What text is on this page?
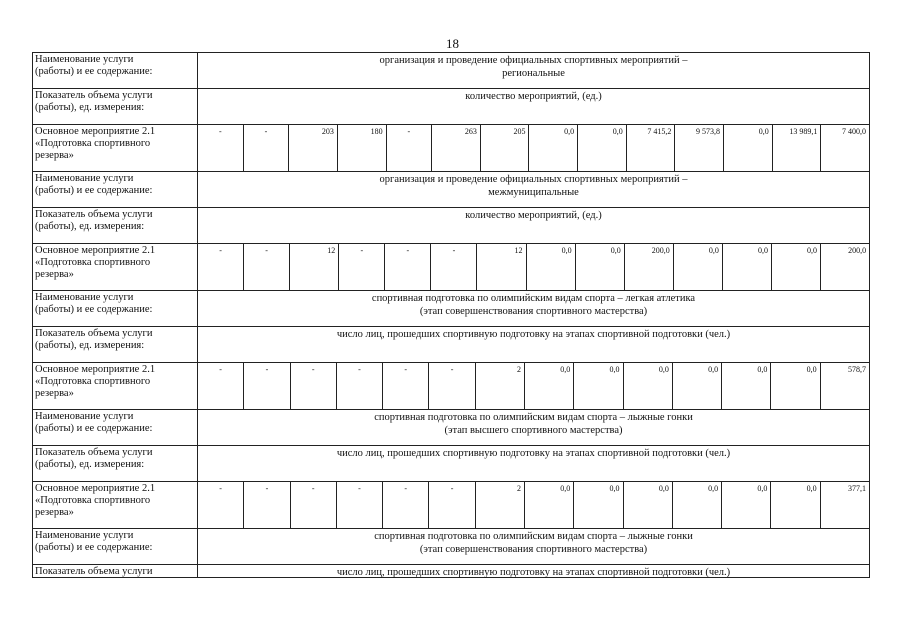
18
Наименование услуги
(работы) и ее содержание:
организация и проведение официальных спортивных мероприятий –
региональные
Показатель объема услуги
(работы), ед. измерения:
количество мероприятий, (ед.)
Основное мероприятие 2.1
«Подготовка спортивного
резерва»
-	-	203	180	-	263	205	0,0	0,0	7 415,2	9 573,8	0,0	13 989,1	7 400,0
Наименование услуги
(работы) и ее содержание:
организация и проведение официальных спортивных мероприятий –
межмуниципальные
Показатель объема услуги
(работы), ед. измерения:
количество мероприятий, (ед.)
Основное мероприятие 2.1
«Подготовка спортивного
резерва»
-	-	12	-	-	-	12	0,0	0,0	200,0	0,0	0,0	0,0	200,0
Наименование услуги
(работы) и ее содержание:
спортивная подготовка по олимпийским видам спорта – легкая атлетика
(этап совершенствования спортивного мастерства)
Показатель объема услуги
(работы), ед. измерения:
число лиц, прошедших спортивную подготовку на этапах спортивной подготовки (чел.)
Основное мероприятие 2.1
«Подготовка спортивного
резерва»
-	-	-	-	-	-	2	0,0	0,0	0,0	0,0	0,0	0,0	578,7
Наименование услуги
(работы) и ее содержание:
спортивная подготовка по олимпийским видам спорта – лыжные гонки
(этап высшего спортивного мастерства)
Показатель объема услуги
(работы), ед. измерения:
число лиц, прошедших спортивную подготовку на этапах спортивной подготовки (чел.)
Основное мероприятие 2.1
«Подготовка спортивного
резерва»
-	-	-	-	-	-	2	0,0	0,0	0,0	0,0	0,0	0,0	377,1
Наименование услуги
(работы) и ее содержание:
спортивная подготовка по олимпийским видам спорта – лыжные гонки
(этап совершенствования спортивного мастерства)
Показатель объема услуги	число лиц, прошедших спортивную подготовку на этапах спортивной подготовки (чел.)
